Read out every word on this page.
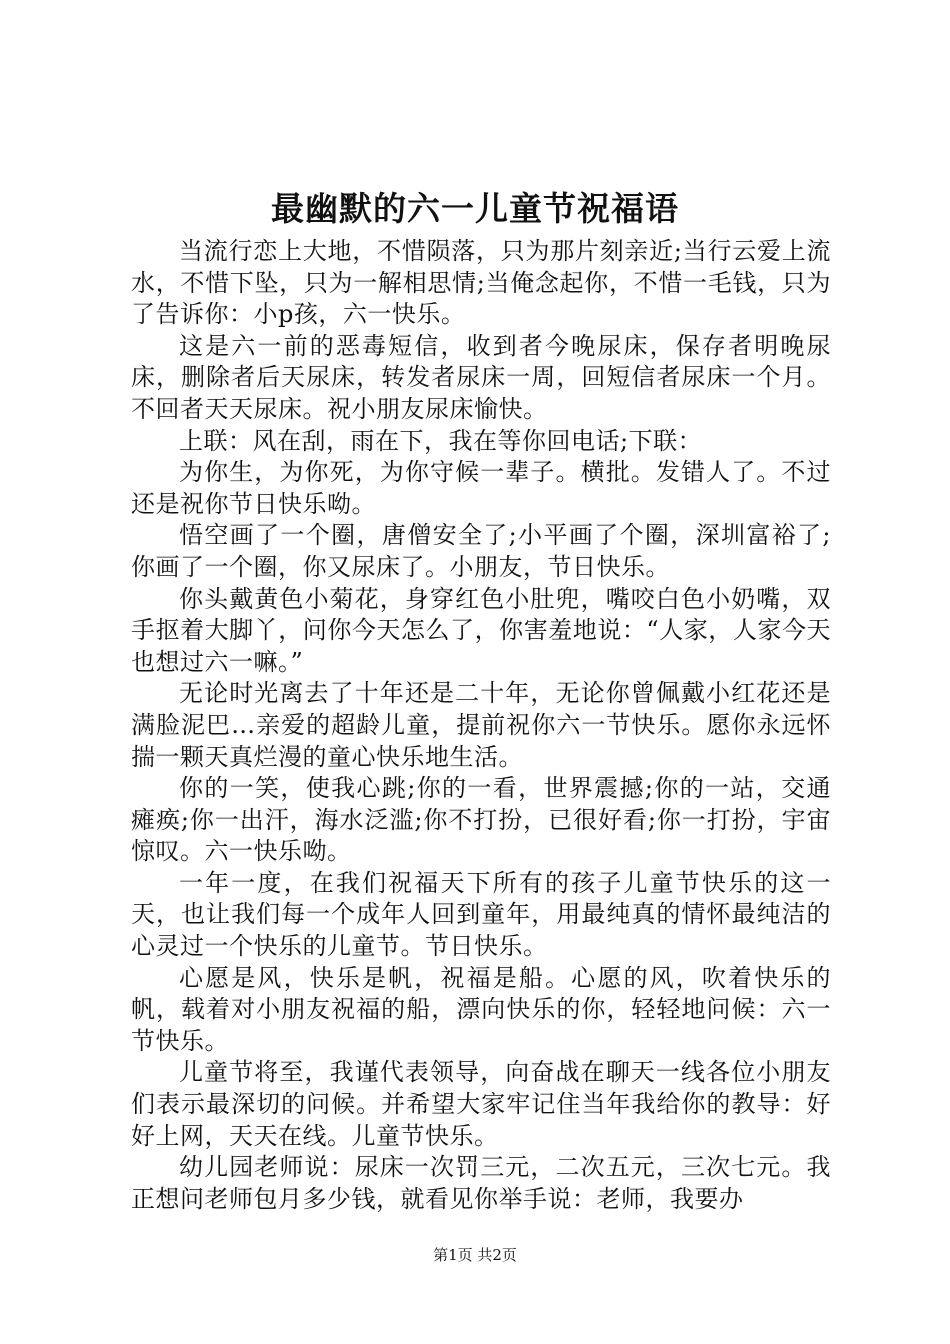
最幽默的六一儿童节祝福语

当流行恋上大地，不惜陨落，只为那片刻亲近;当行云爱上流水，不惜下坠，只为一解相思情;当俺念起你，不惜一毛钱，只为了告诉你：小p孩，六一快乐。

这是六一前的恶毒短信，收到者今晚尿床，保存者明晚尿床，删除者后天尿床，转发者尿床一周，回短信者尿床一个月。不回者天天尿床。祝小朋友尿床愉快。

上联：风在刮，雨在下，我在等你回电话;下联：

为你生，为你死，为你守候一辈子。横批。发错人了。不过还是祝你节日快乐呦。

悟空画了一个圈，唐僧安全了;小平画了个圈，深圳富裕了;你画了一个圈，你又尿床了。小朋友，节日快乐。

你头戴黄色小菊花，身穿红色小肚兜，嘴咬白色小奶嘴，双手抠着大脚丫，问你今天怎么了，你害羞地说：“人家，人家今天也想过六一嘛。”

无论时光离去了十年还是二十年，无论你曾佩戴小红花还是满脸泥巴…亲爱的超龄儿童，提前祝你六一节快乐。愿你永远怀揣一颗天真烂漫的童心快乐地生活。

你的一笑，使我心跳;你的一看，世界震撼;你的一站，交通瘫痪;你一出汗，海水泛滥;你不打扮，已很好看;你一打扮，宇宙惊叹。六一快乐呦。

一年一度，在我们祝福天下所有的孩子儿童节快乐的这一天，也让我们每一个成年人回到童年，用最纯真的情怀最纯洁的心灵过一个快乐的儿童节。节日快乐。

心愿是风，快乐是帆，祝福是船。心愿的风，吹着快乐的帆，载着对小朋友祝福的船，漂向快乐的你，轻轻地问候：六一节快乐。

儿童节将至，我谨代表领导，向奋战在聊天一线各位小朋友们表示最深切的问候。并希望大家牢记住当年我给你的教导：好好上网，天天在线。儿童节快乐。

幼儿园老师说：尿床一次罚三元，二次五元，三次七元。我正想问老师包月多少钱，就看见你举手说：老师，我要办

第1页 共2页
